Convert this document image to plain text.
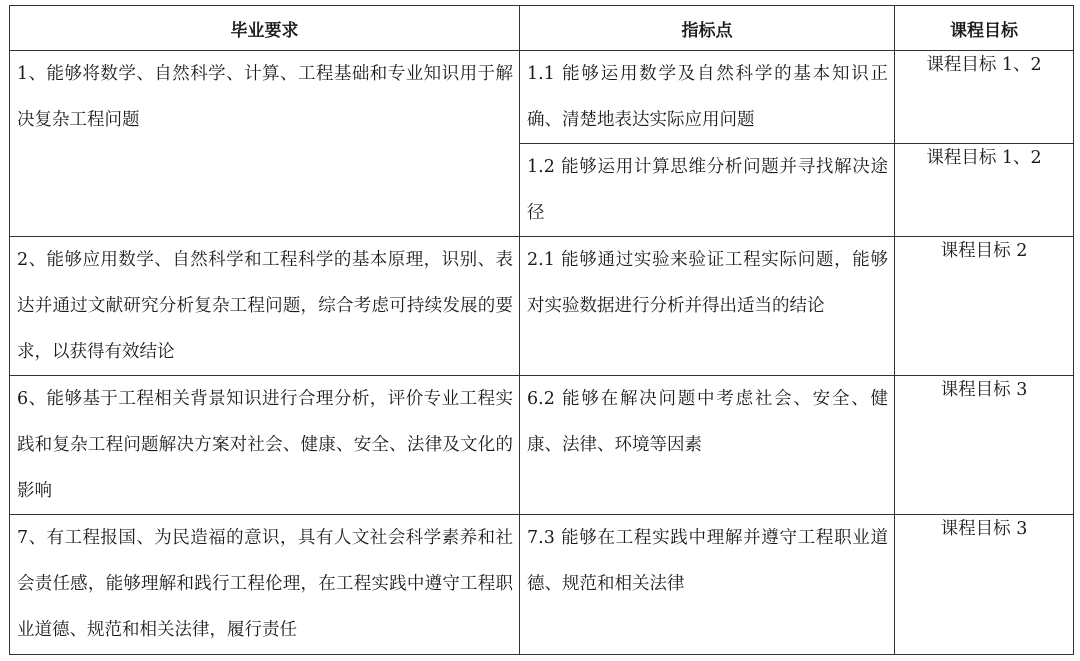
毕业要求	指标点	课程目标

1、能够将数学、自然科学、计算、工程基础和专业知识用于解决复杂工程问题	1.1 能够运用数学及自然科学的基本知识正确、清楚地表达实际应用问题	课程目标 1、2

	1.2 能够运用计算思维分析问题并寻找解决途径	课程目标 1、2

2、能够应用数学、自然科学和工程科学的基本原理，识别、表达并通过文献研究分析复杂工程问题，综合考虑可持续发展的要求，以获得有效结论	2.1 能够通过实验来验证工程实际问题，能够对实验数据进行分析并得出适当的结论	课程目标 2

6、能够基于工程相关背景知识进行合理分析，评价专业工程实践和复杂工程问题解决方案对社会、健康、安全、法律及文化的影响	6.2 能够在解决问题中考虑社会、安全、健康、法律、环境等因素	课程目标 3

7、有工程报国、为民造福的意识，具有人文社会科学素养和社会责任感，能够理解和践行工程伦理，在工程实践中遵守工程职业道德、规范和相关法律，履行责任	7.3 能够在工程实践中理解并遵守工程职业道德、规范和相关法律	课程目标 3
